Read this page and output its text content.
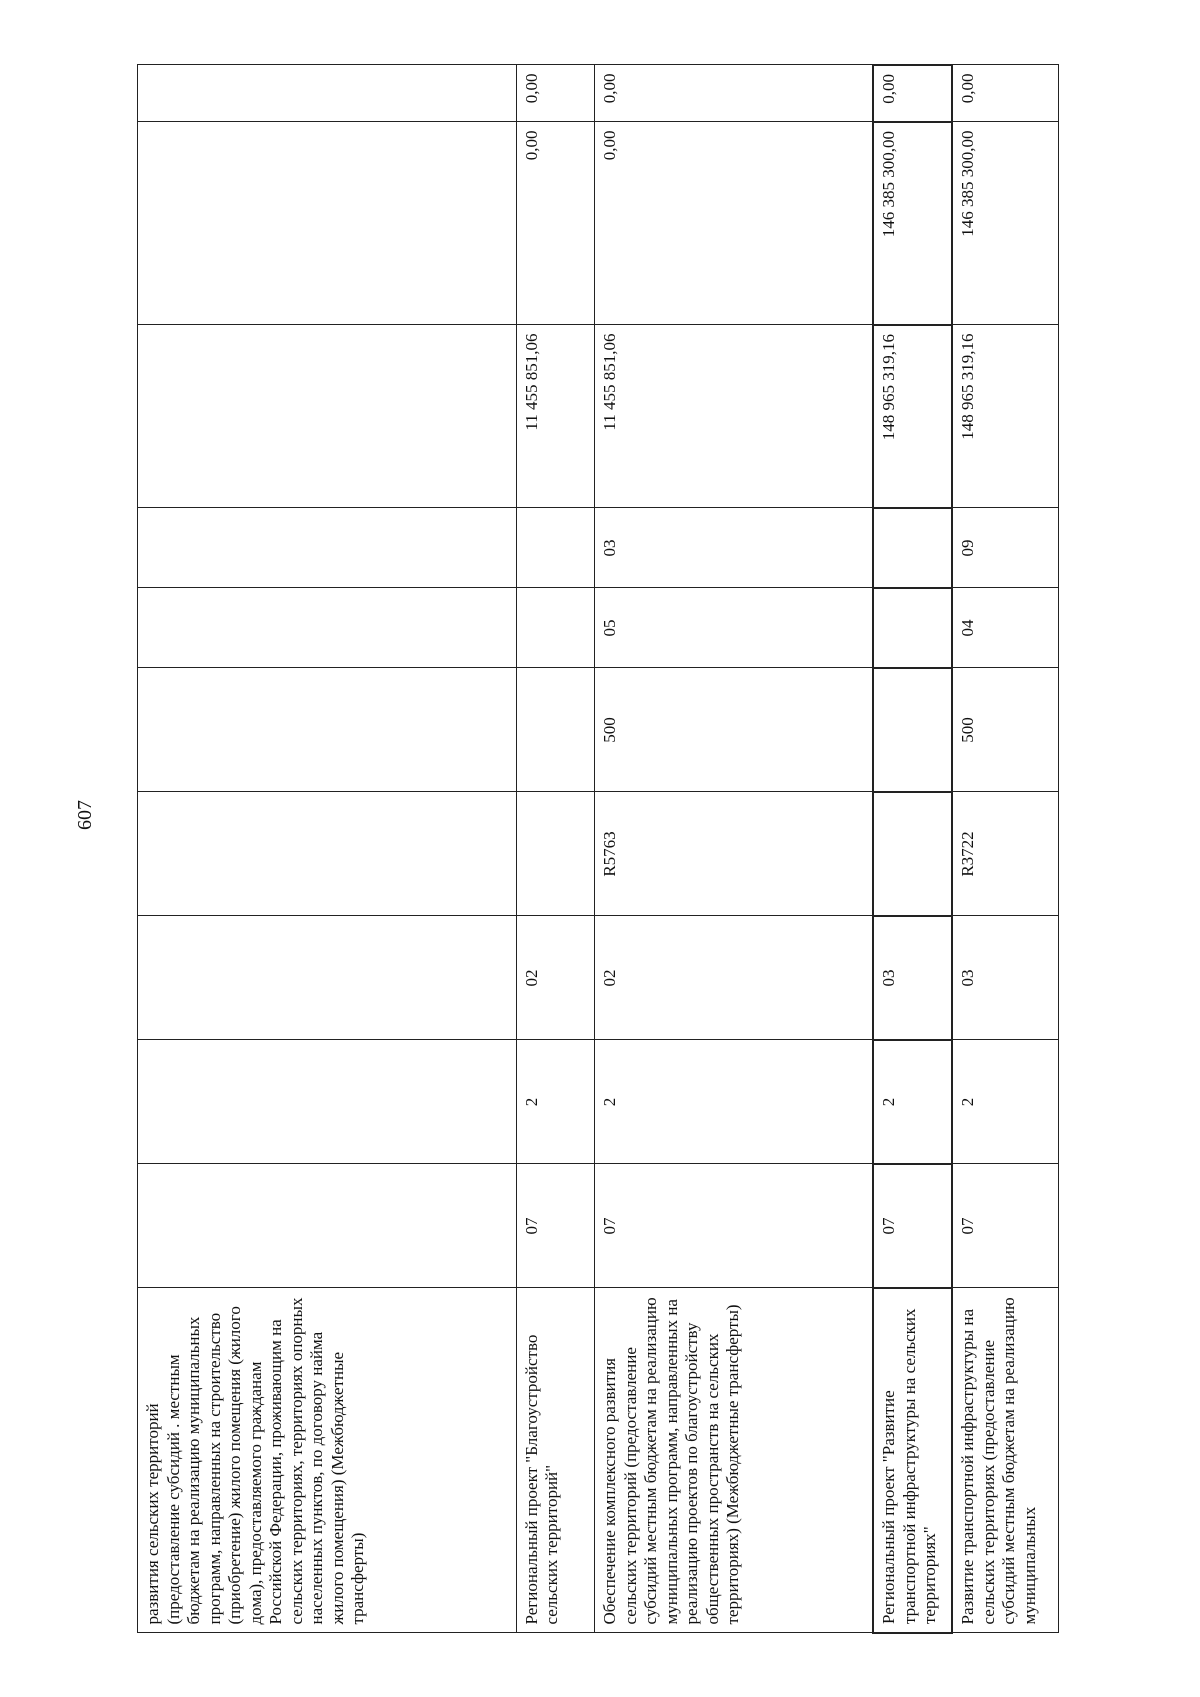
607
развития сельских территорий (предоставление субсидий . местным бюджетам на реализацию муниципальных программ, направленных на строительство (приобретение) жилого помещения (жилого дома), предоставляемого гражданам Российской Федерации, проживающим на сельских территориях, территориях опорных населенных пунктов, по договору найма жилого помещения) (Межбюджетные трансферты)										
Региональный проект "Благоустройство сельских территорий"	07	2	02					11 455 851,06	0,00	0,00
Обеспечение комплексного развития сельских территорий (предоставление субсидий местным бюджетам на реализацию муниципальных программ, направленных на реализацию проектов по благоустройству общественных пространств на сельских территориях) (Межбюджетные трансферты)	07	2	02	R5763	500	05	03	11 455 851,06	0,00	0,00
Региональный проект "Развитие транспортной инфраструктуры на сельских территориях"	07	2	03					148 965 319,16	146 385 300,00	0,00
Развитие транспортной инфраструктуры на сельских территориях (предоставление субсидий местным бюджетам на реализацию муниципальных	07	2	03	R3722	500	04	09	148 965 319,16	146 385 300,00	0,00
